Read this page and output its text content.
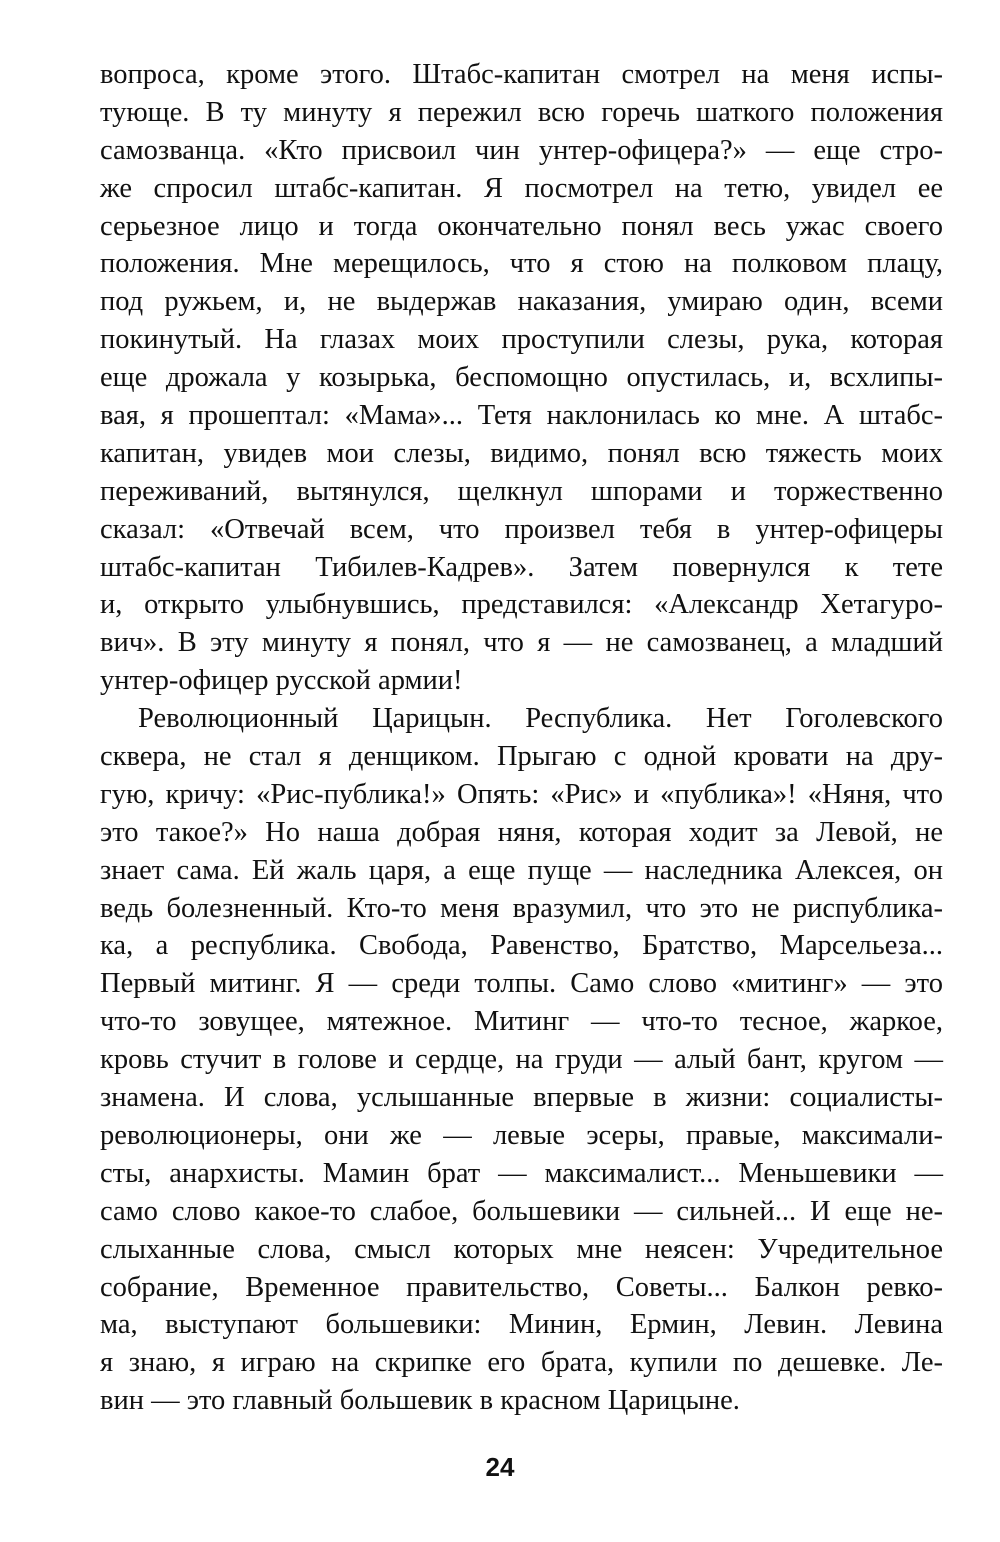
вопроса, кроме этого. Штабс-капитан смотрел на меня испы-
тующе. В ту минуту я пережил всю горечь шаткого положения
самозванца. «Кто присвоил чин унтер-офицера?» — еще стро-
же спросил штабс-капитан. Я посмотрел на тетю, увидел ее
серьезное лицо и тогда окончательно понял весь ужас своего
положения. Мне мерещилось, что я стою на полковом плацу,
под ружьем, и, не выдержав наказания, умираю один, всеми
покинутый. На глазах моих проступили слезы, рука, которая
еще дрожала у козырька, беспомощно опустилась, и, всхлипы-
вая, я прошептал: «Мама»... Тетя наклонилась ко мне. А штабс-
капитан, увидев мои слезы, видимо, понял всю тяжесть моих
переживаний, вытянулся, щелкнул шпорами и торжественно
сказал: «Отвечай всем, что произвел тебя в унтер-офицеры
штабс-капитан Тибилев-Кадрев». Затем повернулся к тете
и, открыто улыбнувшись, представился: «Александр Хетагуро-
вич». В эту минуту я понял, что я — не самозванец, а младший
унтер-офицер русской армии!
Революционный Царицын. Республика. Нет Гоголевского
сквера, не стал я денщиком. Прыгаю с одной кровати на дру-
гую, кричу: «Рис-публика!» Опять: «Рис» и «публика»! «Няня, что
это такое?» Но наша добрая няня, которая ходит за Левой, не
знает сама. Ей жаль царя, а еще пуще — наследника Алексея, он
ведь болезненный. Кто-то меня вразумил, что это не риспублика-
ка, а республика. Свобода, Равенство, Братство, Марсельеза...
Первый митинг. Я — среди толпы. Само слово «митинг» — это
что-то зовущее, мятежное. Митинг — что-то тесное, жаркое,
кровь стучит в голове и сердце, на груди — алый бант, кругом —
знамена. И слова, услышанные впервые в жизни: социалисты-
революционеры, они же — левые эсеры, правые, максимали-
сты, анархисты. Мамин брат — максималист... Меньшевики —
само слово какое-то слабое, большевики — сильней... И еще не-
слыханные слова, смысл которых мне неясен: Учредительное
собрание, Временное правительство, Советы... Балкон ревко-
ма, выступают большевики: Минин, Ермин, Левин. Левина
я знаю, я играю на скрипке его брата, купили по дешевке. Ле-
вин — это главный большевик в красном Царицыне.
24
